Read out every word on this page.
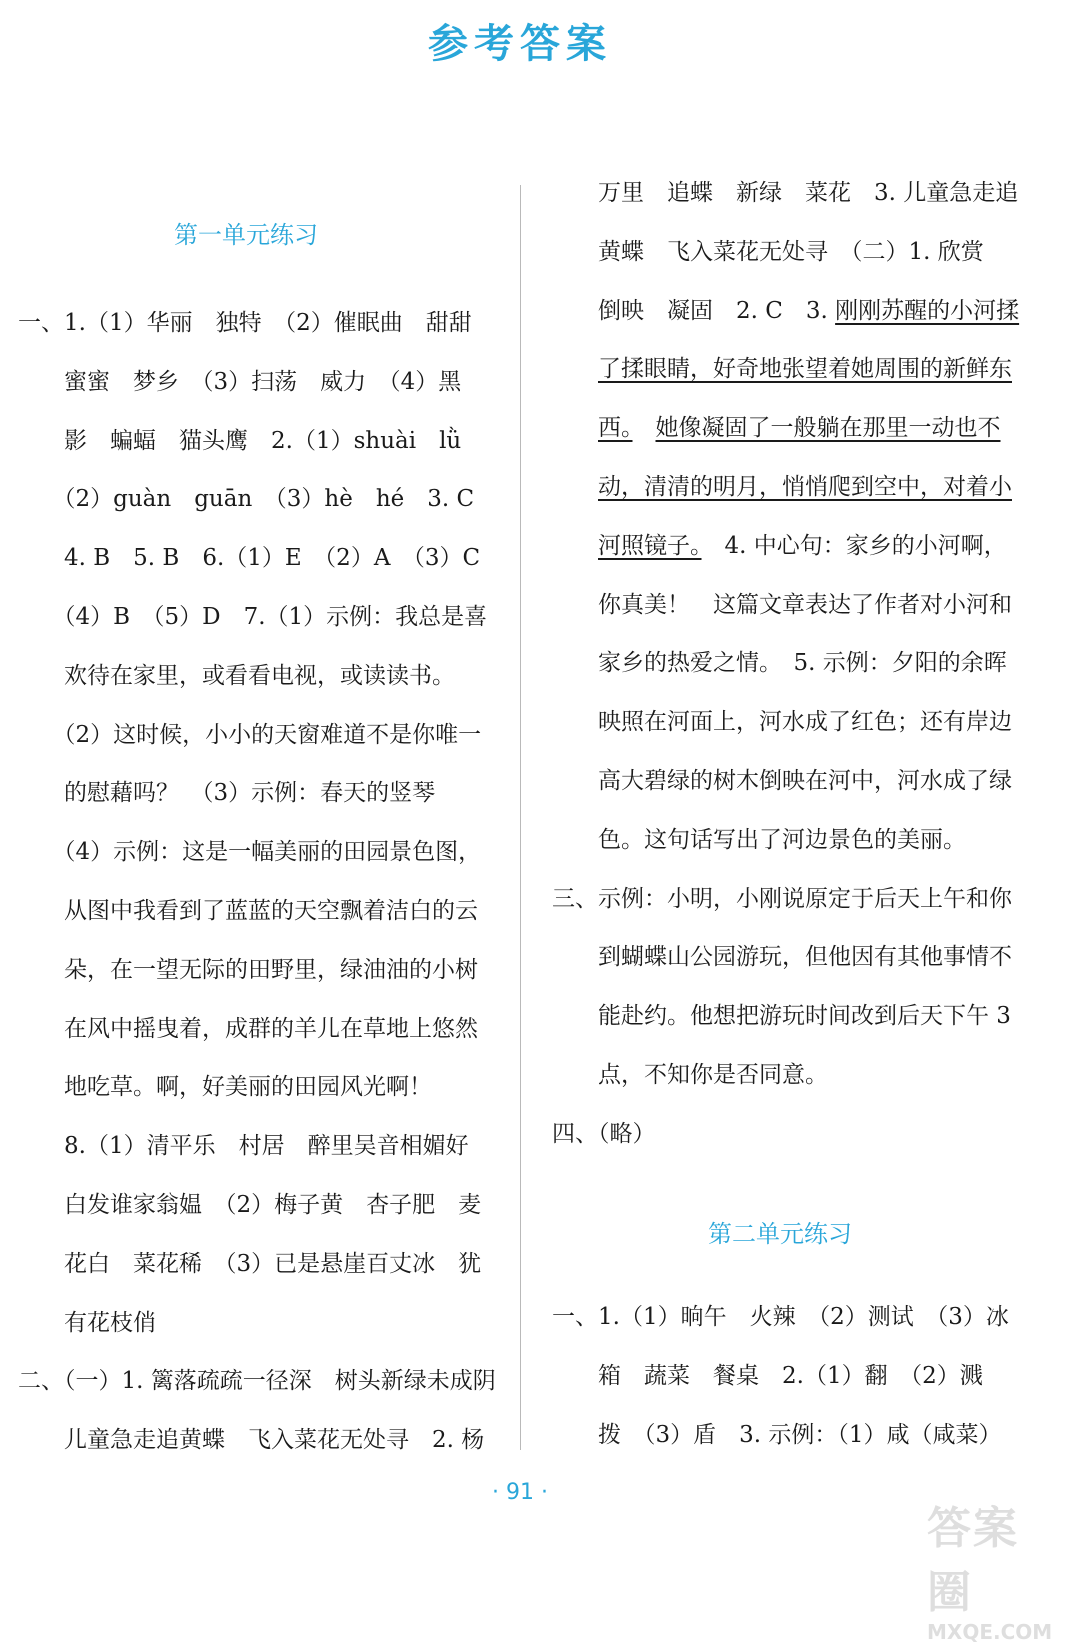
参考答案
第一单元练习
一、1.（1）华丽　独特　（2）催眠曲　甜甜
　　蜜蜜　梦乡　（3）扫荡　威力　（4）黑
　　影　蝙蝠　猫头鹰　2.（1）shuài　lǜ
　　（2）guàn　guān　（3）hè　hé　3. C
　　4. B　5. B　6.（1）E　（2）A　（3）C
　　（4）B　（5）D　7.（1）示例：我总是喜
　　欢待在家里，或看看电视，或读读书。
　　（2）这时候，小小的天窗难道不是你唯一
　　的慰藉吗？　（3）示例：春天的竖琴
　　（4）示例：这是一幅美丽的田园景色图，
　　从图中我看到了蓝蓝的天空飘着洁白的云
　　朵，在一望无际的田野里，绿油油的小树
　　在风中摇曳着，成群的羊儿在草地上悠然
　　地吃草。啊，好美丽的田园风光啊！
　　8.（1）清平乐　村居　醉里吴音相媚好
　　白发谁家翁媪　（2）梅子黄　杏子肥　麦
　　花白　菜花稀　（3）已是悬崖百丈冰　犹
　　有花枝俏
二、（一）1. 篱落疏疏一径深　树头新绿未成阴
　　儿童急走追黄蝶　飞入菜花无处寻　2. 杨
　　万里　追蝶　新绿　菜花　3. 儿童急走追
　　黄蝶　飞入菜花无处寻　（二）1. 欣赏
　　倒映　凝固　2. C　3. 刚刚苏醒的小河揉
　　了揉眼睛，好奇地张望着她周围的新鲜东
　　西。　 她像凝固了一般躺在那里一动也不
　　动，清清的明月，悄悄爬到空中，对着小
　　河照镜子。　4. 中心句：家乡的小河啊，
　　你真美！　这篇文章表达了作者对小河和
　　家乡的热爱之情。　5. 示例：夕阳的余晖
　　映照在河面上，河水成了红色；还有岸边
　　高大碧绿的树木倒映在河中，河水成了绿
　　色。这句话写出了河边景色的美丽。
三、示例：小明，小刚说原定于后天上午和你
　　到蝴蝶山公园游玩，但他因有其他事情不
　　能赴约。他想把游玩时间改到后天下午 3
　　点，不知你是否同意。
四、（略）
第二单元练习
一、1.（1）晌午　火辣　（2）测试　（3）冰
　　箱　蔬菜　餐桌　2.（1）翻　（2）溅
　　拨　（3）盾　3. 示例：（1）咸（咸菜）
· 91 ·
答案圈
MXQE.COM
